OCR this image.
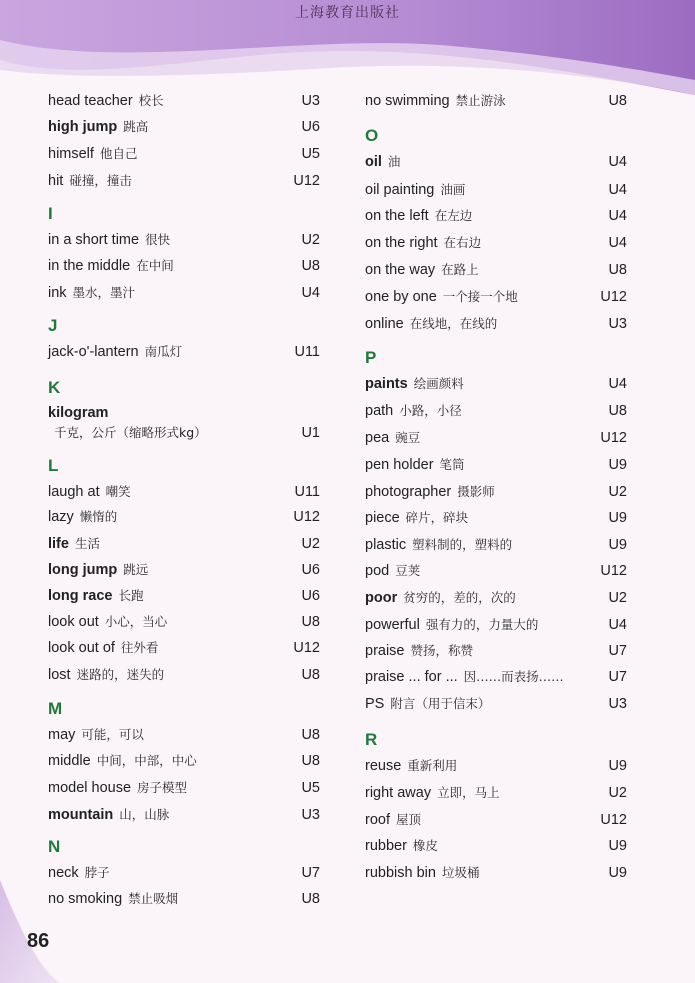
上海教育出版社
head teacher 校长	U3
high jump 跳高	U6
himself 他自己	U5
hit 碰撞，撞击	U12
I
in a short time 很快	U2
in the middle 在中间	U8
ink 墨水，墨汁	U4
J
jack-o'-lantern 南瓜灯	U11
K
kilogram
千克，公斤（缩略形式kg）	U1
L
laugh at 嘲笑	U11
lazy 懒惰的	U12
life 生活	U2
long jump 跳远	U6
long race 长跑	U6
look out 小心，当心	U8
look out of 往外看	U12
lost 迷路的，迷失的	U8
M
may 可能，可以	U8
middle 中间，中部，中心	U8
model house 房子模型	U5
mountain 山，山脉	U3
N
neck 脖子	U7
no smoking 禁止吸烟	U8
no swimming 禁止游泳	U8
O
oil 油	U4
oil painting 油画	U4
on the left 在左边	U4
on the right 在右边	U4
on the way 在路上	U8
one by one 一个接一个地	U12
online 在线地，在线的	U3
P
paints 绘画颜料	U4
path 小路，小径	U8
pea 豌豆	U12
pen holder 笔筒	U9
photographer 摄影师	U2
piece 碎片，碎块	U9
plastic 塑料制的，塑料的	U9
pod 豆荚	U12
poor 贫穷的，差的，次的	U2
powerful 强有力的，力量大的	U4
praise 赞扬，称赞	U7
praise ... for ... 因……而表扬……	U7
PS 附言（用于信末）	U3
R
reuse 重新利用	U9
right away 立即，马上	U2
roof 屋顶	U12
rubber 橡皮	U9
rubbish bin 垃圾桶	U9
86
